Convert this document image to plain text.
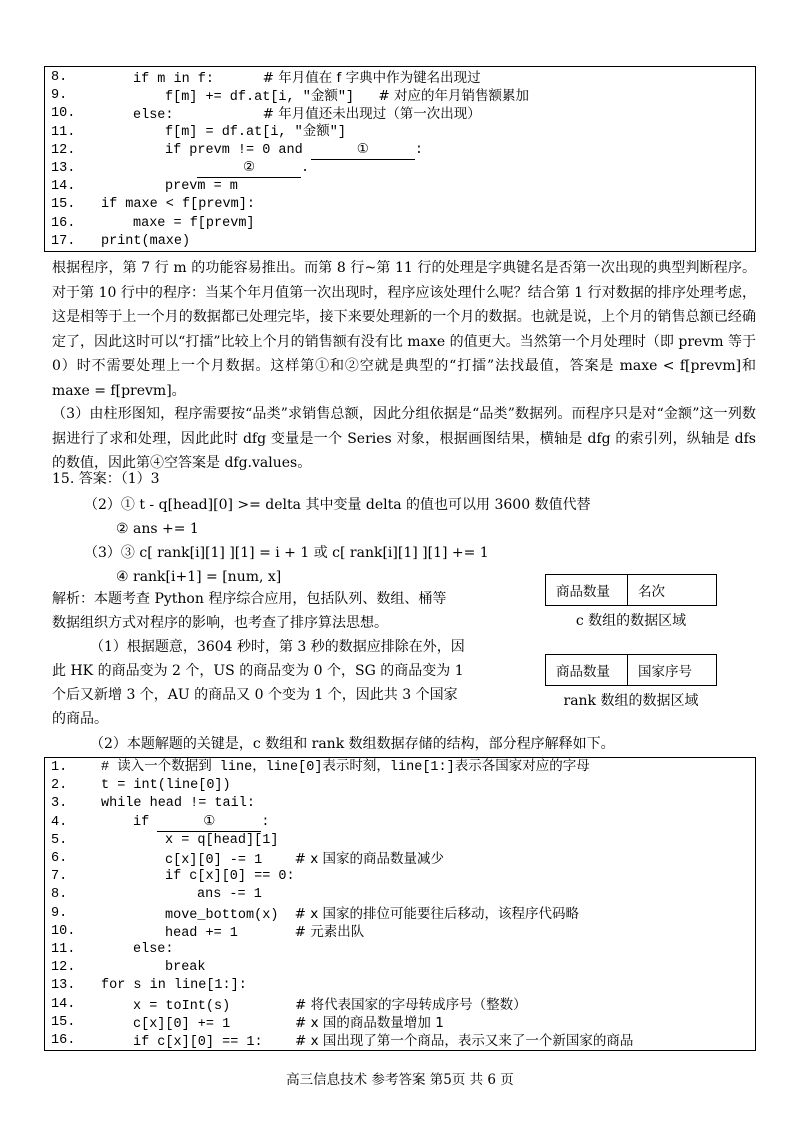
8.	if m in f:      # 年月值在 f 字典中作为键名出现过
9.	f[m] += df.at[i, "金额"]   # 对应的年月销售额累加
10.	else:           # 年月值还未出现过（第一次出现）
11.	f[m] = df.at[i, "金额"]
12.	if prevm != 0 and	①	:
13.	②	.
14.	prevm = m
15.	if maxe < f[prevm]:
16.	maxe = f[prevm]
17.	print(maxe)
根据程序，第 7 行 m 的功能容易推出。而第 8 行~第 11 行的处理是字典键名是否第一次出现的典型判断程序。对于第 10 行中的程序：当某个年月值第一次出现时，程序应该处理什么呢？结合第 1 行对数据的排序处理考虑，这是相等于上一个月的数据都已处理完毕，接下来要处理新的一个月的数据。也就是说，上个月的销售总额已经确定了，因此这时可以“打擂”比较上个月的销售额有没有比 maxe 的值更大。当然第一个月处理时（即 prevm 等于 0）时不需要处理上一个月数据。这样第①和②空就是典型的“打擂”法找最值，答案是 maxe < f[prevm]和 maxe = f[prevm]。
（3）由柱形图知，程序需要按“品类”求销售总额，因此分组依据是“品类”数据列。而程序只是对“金额”这一列数据进行了求和处理，因此此时 dfg 变量是一个 Series 对象，根据画图结果，横轴是 dfg 的索引列，纵轴是 dfs 的数值，因此第④空答案是 dfg.values。
15. 答案：（1）3
（2）① t - q[head][0] >= delta 其中变量 delta 的值也可以用 3600 数值代替
② ans += 1
（3）③ c[ rank[i][1] ][1] = i + 1 或 c[ rank[i][1] ][1] += 1
④ rank[i+1] = [num, x]
商品数量	名次
c 数组的数据区域
商品数量	国家序号
rank 数组的数据区域
解析：本题考查 Python 程序综合应用，包括队列、数组、桶等
数据组织方式对程序的影响，也考查了排序算法思想。
（1）根据题意，3604 秒时，第 3 秒的数据应排除在外，因
此 HK 的商品变为 2 个，US 的商品变为 0 个，SG 的商品变为 1
个后又新增 3 个，AU 的商品又 0 个变为 1 个，因此共 3 个国家
的商品。
（2）本题解题的关键是，c 数组和 rank 数组数据存储的结构，部分程序解释如下。
1.	# 读入一个数据到 line，line[0]表示时刻，line[1:]表示各国家对应的字母
2.	t = int(line[0])
3.	while head != tail:
4.	if	①	:
5.	x = q[head][1]
6.	c[x][0] -= 1    # x 国家的商品数量减少
7.	if c[x][0] == 0:
8.	ans -= 1
9.	move_bottom(x)  # x 国家的排位可能要往后移动，该程序代码略
10.	head += 1       # 元素出队
11.	else:
12.	break
13.	for s in line[1:]:
14.	x = toInt(s)        # 将代表国家的字母转成序号（整数）
15.	c[x][0] += 1        # x 国的商品数量增加 1
16.	if c[x][0] == 1:    # x 国出现了第一个商品，表示又来了一个新国家的商品
高三信息技术 参考答案 第5页 共 6 页
